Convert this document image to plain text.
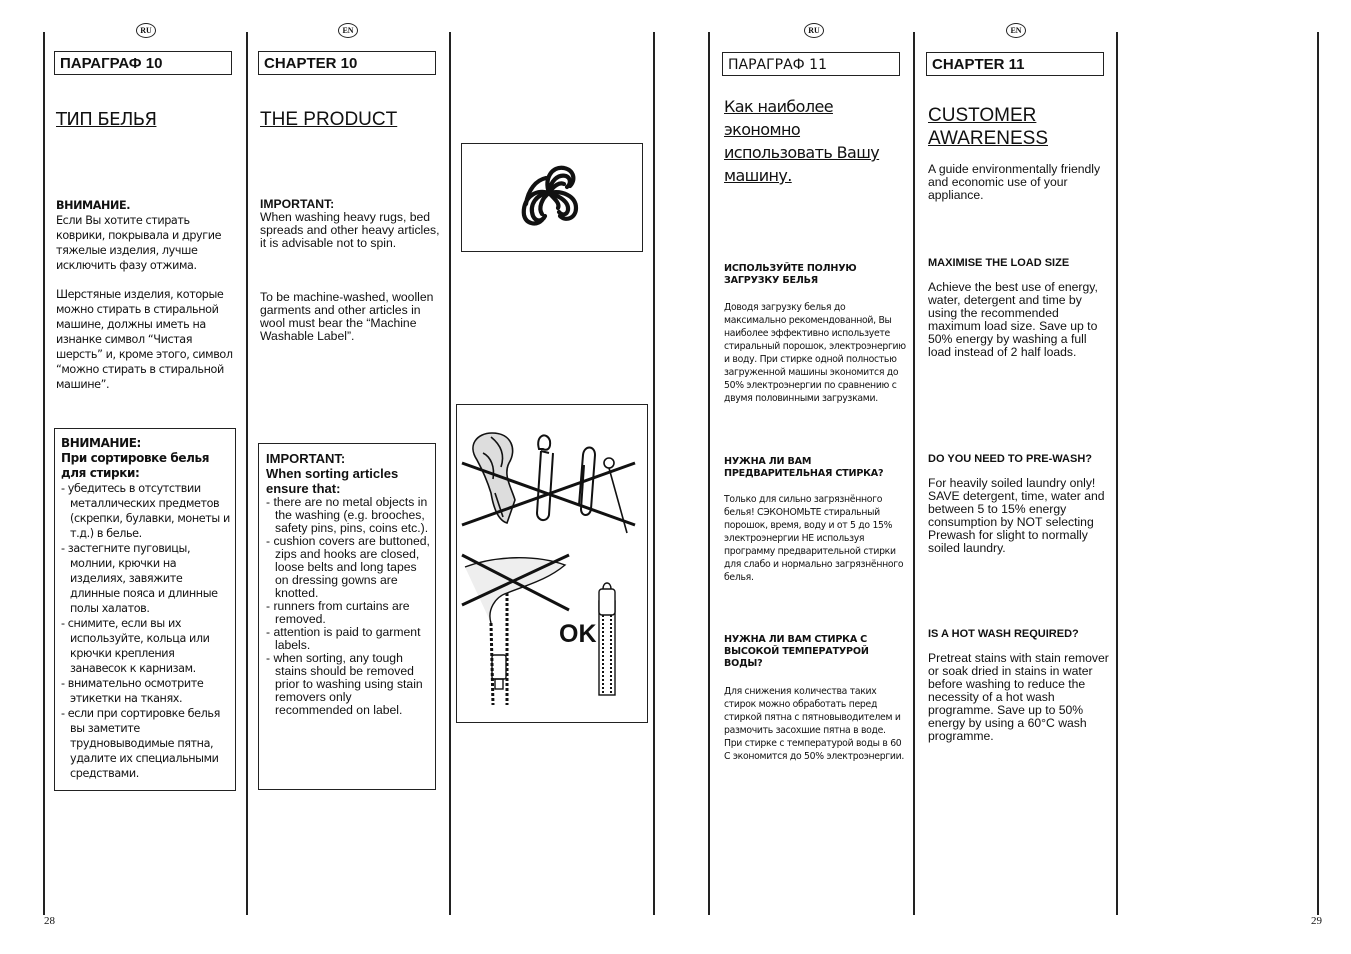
RU	EN	RU	EN
ПАРАГРАФ 10
ТИП БЕЛЬЯ
ВНИМАНИЕ.
Если Вы хотите стирать коврики, покрывала и другие тяжелые изделия, лучше исключить фазу отжима.
Шерстяные изделия, которые можно стирать в стиральной машине, должны иметь на изнанке символ “Чистая шерсть” и, кроме этого, символ “можно стирать в стиральной машине”.
ВНИМАНИЕ:
При сортировке белья для стирки:
- убедитесь в отсутствии металлических предметов (скрепки, булавки, монеты и т.д.) в белье.
- застегните пуговицы, молнии, крючки на изделиях, завяжите длинные пояса и длинные полы халатов.
- снимите, если вы их используйте, кольца или крючки крепления занавесок к карнизам.
- внимательно осмотрите этикетки на тканях.
- если при сортировке белья вы заметите трудновыводимые пятна, удалите их специальными средствами.
CHAPTER 10
THE PRODUCT
IMPORTANT:
When washing heavy rugs, bed spreads and other heavy articles, it is advisable not to spin.
To be machine-washed, woollen garments and other articles in wool must bear the “Machine Washable Label”.
IMPORTANT:
When sorting articles ensure that:
- there are no metal objects in the washing (e.g. brooches, safety pins, pins, coins etc.).
- cushion covers are buttoned, zips and hooks are closed, loose belts and long tapes on dressing gowns are knotted.
- runners from curtains are removed.
- attention is paid to garment labels.
- when sorting, any tough stains should be removed prior to washing using stain removers only recommended on label.
OK
ПАРАГРАФ 11
Как наиболее экономно использовать Вашу машину.
ИСПОЛЬЗУЙТЕ ПОЛНУЮ ЗАГРУЗКУ БЕЛЬЯ
Доводя загрузку белья до максимально рекомендованной, Вы наиболее эффективно используете стиральный порошок, электроэнергию и воду. При стирке одной полностью загруженной машины экономится до 50% электроэнергии по сравнению с двумя половинными загрузками.
НУЖНА ЛИ ВАМ ПРЕДВАРИТЕЛЬНАЯ СТИРКА?
Только для сильно загрязнённого белья! СЭКОНОМЬТЕ стиральный порошок, время, воду и от 5 до 15% электроэнергии НЕ используя программу предварительной стирки для слабо и нормально загрязнённого белья.
НУЖНА ЛИ ВАМ СТИРКА С ВЫСОКОЙ ТЕМПЕРАТУРОЙ ВОДЫ?
Для снижения количества таких стирок можно обработать перед стиркой пятна с пятновыводителем и размочить засохшие пятна в воде. При стирке с температурой воды в 60 С экономится до 50% электроэнергии.
CHAPTER 11
CUSTOMER AWARENESS
A guide environmentally friendly and economic use of your appliance.
MAXIMISE THE LOAD SIZE
Achieve the best use of energy, water, detergent and time by using the recommended maximum load size. Save up to 50% energy by washing a full load instead of 2 half loads.
DO YOU NEED TO PRE-WASH?
For heavily soiled laundry only! SAVE detergent, time, water and between 5 to 15% energy consumption by NOT selecting Prewash for slight to normally soiled laundry.
IS A HOT WASH REQUIRED?
Pretreat stains with stain remover or soak dried in stains in water before washing to reduce the necessity of a hot wash programme. Save up to 50% energy by using a 60°C wash programme.
28	29
